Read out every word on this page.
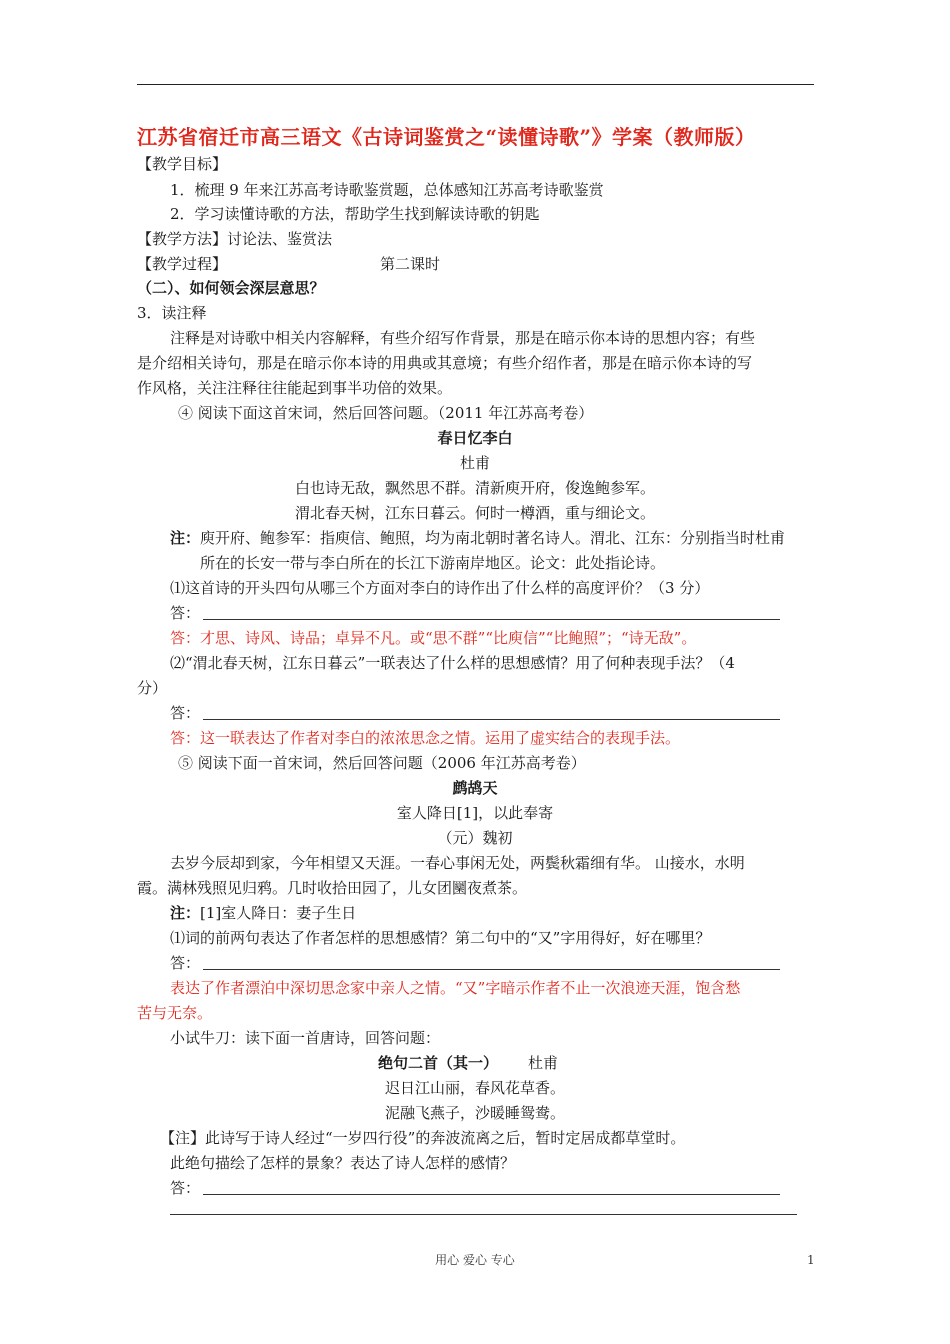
江苏省宿迁市高三语文《古诗词鉴赏之“读懂诗歌”》学案（教师版）
【教学目标】
1．梳理 9 年来江苏高考诗歌鉴赏题，总体感知江苏高考诗歌鉴赏
2．学习读懂诗歌的方法，帮助学生找到解读诗歌的钥匙
【教学方法】讨论法、鉴赏法
【教学过程】	第二课时
（二）、如何领会深层意思？
3．读注释
注释是对诗歌中相关内容解释，有些介绍写作背景，那是在暗示你本诗的思想内容；有些
是介绍相关诗句，那是在暗示你本诗的用典或其意境；有些介绍作者，那是在暗示你本诗的写
作风格，关注注释往往能起到事半功倍的效果。
④ 阅读下面这首宋词，然后回答问题。（2011 年江苏高考卷）
春日忆李白
杜甫
白也诗无敌，飘然思不群。清新庾开府，俊逸鲍参军。
渭北春天树，江东日暮云。何时一樽酒，重与细论文。
注：庾开府、鲍参军：指庾信、鲍照，均为南北朝时著名诗人。渭北、江东：分别指当时杜甫
所在的长安一带与李白所在的长江下游南岸地区。论文：此处指论诗。
⑴这首诗的开头四句从哪三个方面对李白的诗作出了什么样的高度评价？（3 分）
答：
答：才思、诗风、诗品；卓异不凡。或“思不群”“比庾信”“比鲍照”；“诗无敌”。
⑵“渭北春天树，江东日暮云”一联表达了什么样的思想感情？用了何种表现手法？（4
分）
答：
答：这一联表达了作者对李白的浓浓思念之情。运用了虚实结合的表现手法。
⑤ 阅读下面一首宋词，然后回答问题（2006 年江苏高考卷）
鹧鸪天
室人降日[1]，以此奉寄
（元）魏初
去岁今辰却到家，今年相望又天涯。一春心事闲无处，两鬓秋霜细有华。 山接水，水明
霞。满林残照见归鸦。几时收拾田园了，儿女团圞夜煮茶。
注：[1]室人降日：妻子生日
⑴词的前两句表达了作者怎样的思想感情？第二句中的“又”字用得好，好在哪里？
答：
表达了作者漂泊中深切思念家中亲人之情。“又”字暗示作者不止一次浪迹天涯，饱含愁
苦与无奈。
小试牛刀：读下面一首唐诗，回答问题：
绝句二首（其一） 杜甫
迟日江山丽，春风花草香。
泥融飞燕子，沙暖睡鸳鸯。
【注】此诗写于诗人经过“一岁四行役”的奔波流离之后，暂时定居成都草堂时。
此绝句描绘了怎样的景象？表达了诗人怎样的感情？
答：
用心 爱心 专心	1
